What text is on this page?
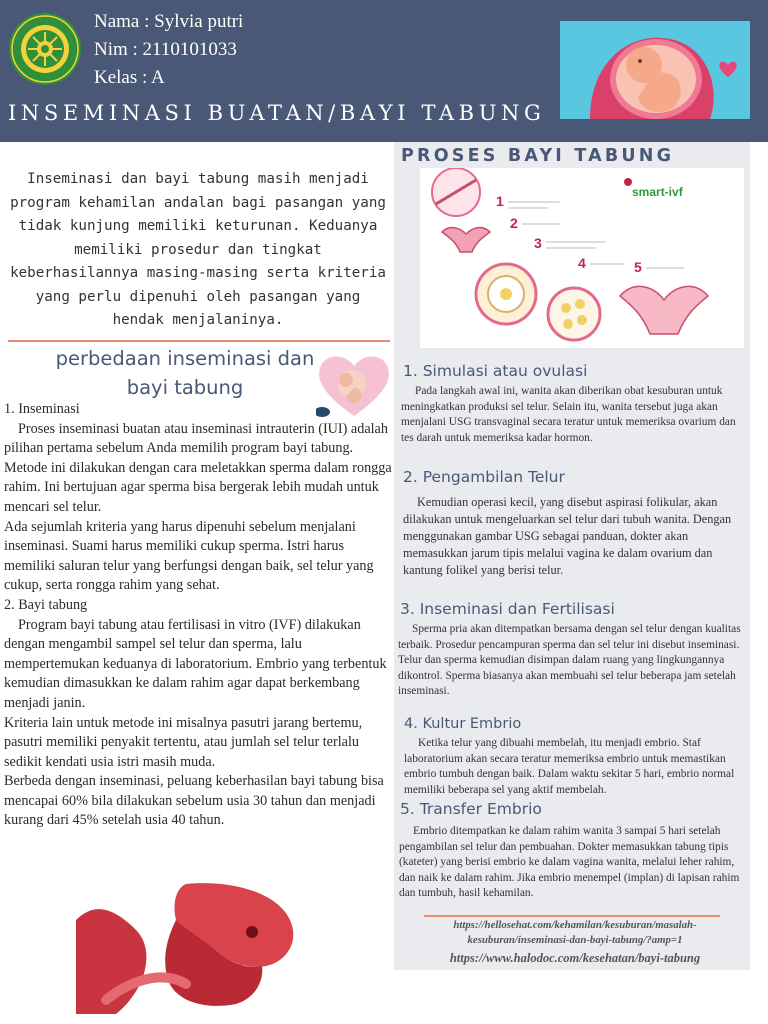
Nama : Sylvia putri
Nim : 2110101033
Kelas : A
INSEMINASI BUATAN/BAYI TABUNG
Inseminasi dan bayi tabung masih menjadi program kehamilan andalan bagi pasangan yang tidak kunjung memiliki keturunan. Keduanya memiliki prosedur dan tingkat keberhasilannya masing-masing serta kriteria yang perlu dipenuhi oleh pasangan yang hendak menjalaninya.
perbedaan inseminasi dan
bayi tabung

1. Inseminasi

Proses inseminasi buatan atau inseminasi intrauterin (IUI) adalah pilihan pertama sebelum Anda memilih program bayi tabung. Metode ini dilakukan dengan cara meletakkan sperma dalam rongga rahim. Ini bertujuan agar sperma bisa bergerak lebih mudah untuk mencari sel telur.

Ada sejumlah kriteria yang harus dipenuhi sebelum menjalani inseminasi. Suami harus memiliki cukup sperma. Istri harus memiliki saluran telur yang berfungsi dengan baik, sel telur yang cukup, serta rongga rahim yang sehat.

2. Bayi tabung

Program bayi tabung atau fertilisasi in vitro (IVF) dilakukan dengan mengambil sampel sel telur dan sperma, lalu mempertemukan keduanya di laboratorium. Embrio yang terbentuk kemudian dimasukkan ke dalam rahim agar dapat berkembang menjadi janin.

Kriteria lain untuk metode ini misalnya pasutri jarang bertemu, pasutri memiliki penyakit tertentu, atau jumlah sel telur terlalu sedikit kendati usia istri masih muda.

Berbeda dengan inseminasi, peluang keberhasilan bayi tabung bisa mencapai 60% bila dilakukan sebelum usia 30 tahun dan menjadi kurang dari 45% setelah usia 40 tahun.

PROSES BAYI TABUNG
1
2
3
4	5
smart-ivf
1. Simulasi atau ovulasi
Pada langkah awal ini, wanita akan diberikan obat kesuburan untuk meningkatkan produksi sel telur. Selain itu, wanita tersebut juga akan menjalani USG transvaginal secara teratur untuk memeriksa ovarium dan tes darah untuk memeriksa kadar hormon.
2. Pengambilan Telur
Kemudian operasi kecil, yang disebut aspirasi folikular, akan dilakukan untuk mengeluarkan sel telur dari tubuh wanita. Dengan menggunakan gambar USG sebagai panduan, dokter akan memasukkan jarum tipis melalui vagina ke dalam ovarium dan kantung folikel yang berisi telur.
3. Inseminasi dan Fertilisasi
Sperma pria akan ditempatkan bersama dengan sel telur dengan kualitas terbaik. Prosedur pencampuran sperma dan sel telur ini disebut inseminasi. Telur dan sperma kemudian disimpan dalam ruang yang lingkungannya dikontrol. Sperma biasanya akan membuahi sel telur beberapa jam setelah inseminasi.
4. Kultur Embrio
Ketika telur yang dibuahi membelah, itu menjadi embrio. Staf laboratorium akan secara teratur memeriksa embrio untuk memastikan embrio tumbuh dengan baik. Dalam waktu sekitar 5 hari, embrio normal memiliki beberapa sel yang aktif membelah.
5. Transfer Embrio
Embrio ditempatkan ke dalam rahim wanita 3 sampai 5 hari setelah pengambilan sel telur dan pembuahan. Dokter memasukkan tabung tipis (kateter) yang berisi embrio ke dalam vagina wanita, melalui leher rahim, dan naik ke dalam rahim. Jika embrio menempel (implan) di lapisan rahim dan tumbuh, hasil kehamilan.
https://hellosehat.com/kehamilan/kesuburan/masalah-kesuburan/inseminasi-dan-bayi-tabung/?amp=1
https://www.halodoc.com/kesehatan/bayi-tabung
